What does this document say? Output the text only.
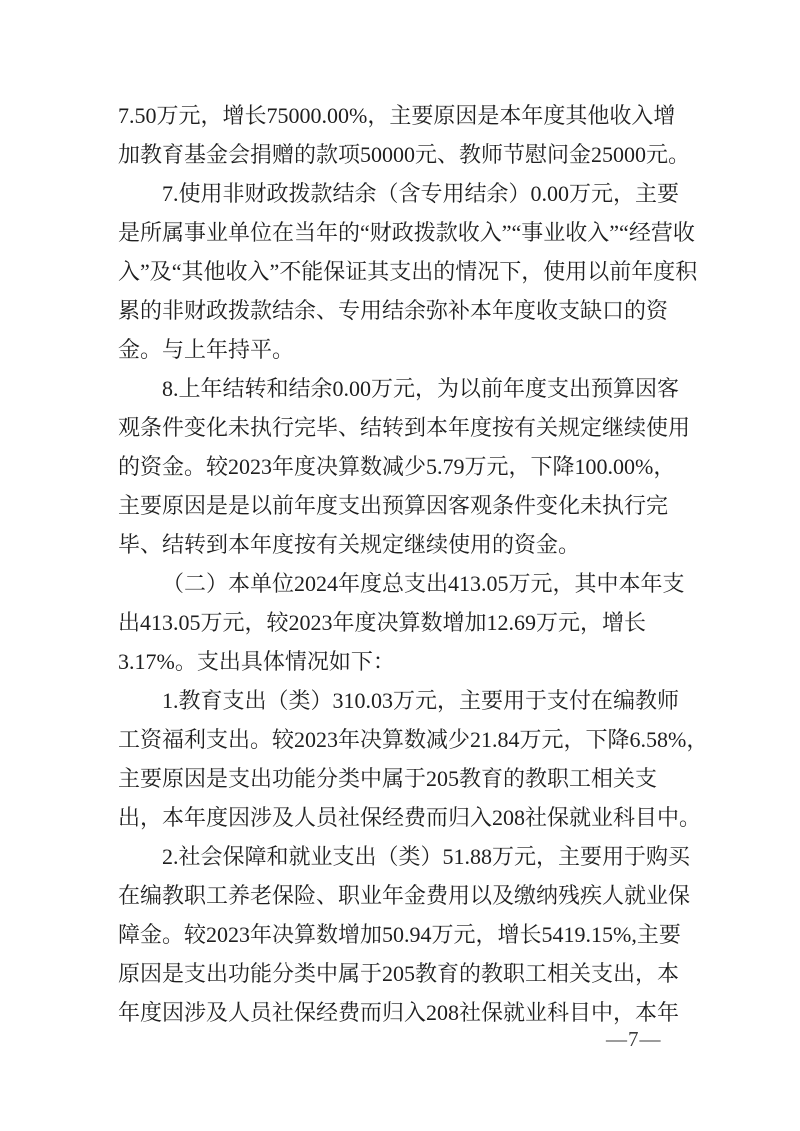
7.50万元，增长75000.00%，主要原因是本年度其他收入增
加教育基金会捐赠的款项50000元、教师节慰问金25000元。

7.使用非财政拨款结余（含专用结余）0.00万元，主要
是所属事业单位在当年的“财政拨款收入”“事业收入”“经营收
入”及“其他收入”不能保证其支出的情况下，使用以前年度积
累的非财政拨款结余、专用结余弥补本年度收支缺口的资
金。与上年持平。

8.上年结转和结余0.00万元，为以前年度支出预算因客
观条件变化未执行完毕、结转到本年度按有关规定继续使用
的资金。较2023年度决算数减少5.79万元，下降100.00%，
主要原因是是以前年度支出预算因客观条件变化未执行完
毕、结转到本年度按有关规定继续使用的资金。

（二）本单位2024年度总支出413.05万元，其中本年支
出413.05万元，较2023年度决算数增加12.69万元，增长
3.17%。支出具体情况如下：

1.教育支出（类）310.03万元，主要用于支付在编教师
工资福利支出。较2023年决算数减少21.84万元，下降6.58%，
主要原因是支出功能分类中属于205教育的教职工相关支
出，本年度因涉及人员社保经费而归入208社保就业科目中。

2.社会保障和就业支出（类）51.88万元，主要用于购买
在编教职工养老保险、职业年金费用以及缴纳残疾人就业保
障金。较2023年决算数增加50.94万元，增长5419.15%,主要
原因是支出功能分类中属于205教育的教职工相关支出，本
年度因涉及人员社保经费而归入208社保就业科目中，本年

—7—
